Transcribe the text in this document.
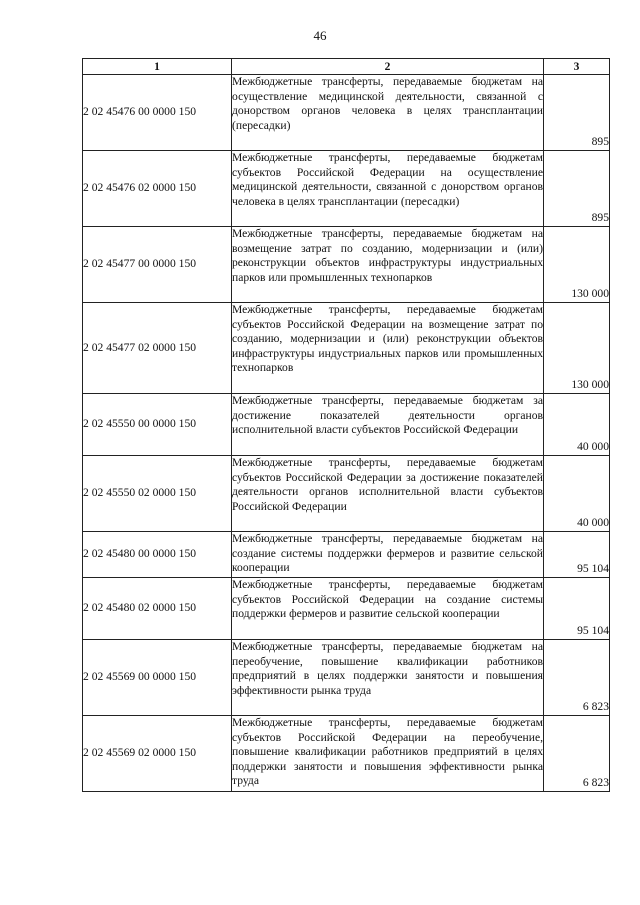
46
1	2	3
2 02 45476 00 0000 150	Межбюджетные трансферты, передаваемые бюджетам на осуществление медицинской деятельности, связанной с донорством органов человека в целях трансплантации (пересадки)	895
2 02 45476 02 0000 150	Межбюджетные трансферты, передаваемые бюджетам субъектов Российской Федерации на осуществление медицинской деятельности, связанной с донорством органов человека в целях трансплантации (пересадки)	895
2 02 45477 00 0000 150	Межбюджетные трансферты, передаваемые бюджетам на возмещение затрат по созданию, модернизации и (или) реконструкции объектов инфраструктуры индустриальных парков или промышленных технопарков	130 000
2 02 45477 02 0000 150	Межбюджетные трансферты, передаваемые бюджетам субъектов Российской Федерации на возмещение затрат по созданию, модернизации и (или) реконструкции объектов инфраструктуры индустриальных парков или промышленных технопарков	130 000
2 02 45550 00 0000 150	Межбюджетные трансферты, передаваемые бюджетам за достижение показателей деятельности органов исполнительной власти субъектов Российской Федерации	40 000
2 02 45550 02 0000 150	Межбюджетные трансферты, передаваемые бюджетам субъектов Российской Федерации за достижение показателей деятельности органов исполнительной власти субъектов Российской Федерации	40 000
2 02 45480 00 0000 150	Межбюджетные трансферты, передаваемые бюджетам на создание системы поддержки фермеров и развитие сельской кооперации	95 104
2 02 45480 02 0000 150	Межбюджетные трансферты, передаваемые бюджетам субъектов Российской Федерации на создание системы поддержки фермеров и развитие сельской кооперации	95 104
2 02 45569 00 0000 150	Межбюджетные трансферты, передаваемые бюджетам на переобучение, повышение квалификации работников предприятий в целях поддержки занятости и повышения эффективности рынка труда	6 823
2 02 45569 02 0000 150	Межбюджетные трансферты, передаваемые бюджетам субъектов Российской Федерации на переобучение, повышение квалификации работников предприятий в целях поддержки занятости и повышения эффективности рынка труда	6 823
